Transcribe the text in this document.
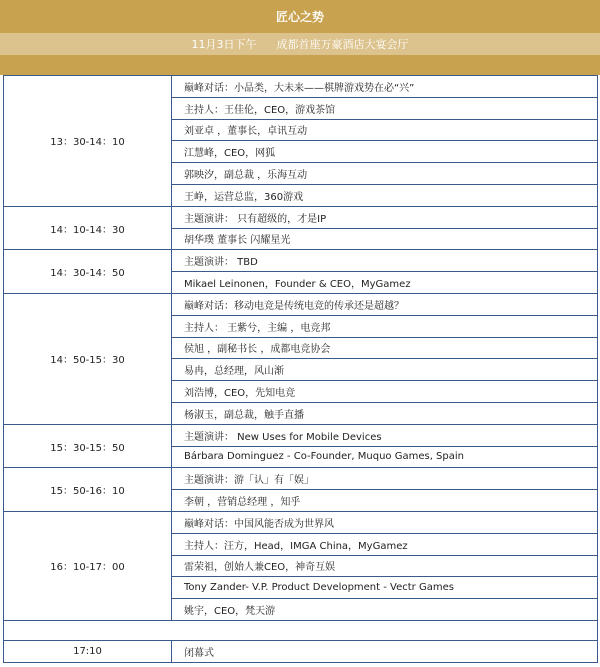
匠心之势
11月3日下午 成都首座万豪酒店大宴会厅
13：30-14：10	巅峰对话：小品类，大未来——棋牌游戏势在必“兴”
	主持人：王佳伦，CEO，游戏茶馆
	刘亚卓 ，董事长，卓讯互动
	江慧峰，CEO，网狐
	郭映汐，副总裁 ，乐海互动
	王峥，运营总监，360游戏
14：10-14：30	主题演讲： 只有超级的，才是IP
	胡华璞 董事长 闪耀星光
14：30-14：50	主题演讲： TBD
	Mikael Leinonen，Founder & CEO，MyGamez
14：50-15：30	巅峰对话：移动电竞是传统电竞的传承还是超越？
	主持人： 王紫兮，主编 ，电竞邦
	侯旭 ，副秘书长 ，成都电竞协会
	易冉，总经理，风山渐
	刘浩博，CEO，先知电竞
	杨淑玉，副总裁，触手直播
15：30-15：50	主题演讲： New Uses for Mobile Devices
	Bárbara Dominguez - Co-Founder, Muquo Games, Spain
15：50-16：10	主题演讲：游「认」有「娱」
	李朝 ，营销总经理 ，知乎
16：10-17：00	巅峰对话：中国风能否成为世界风
	主持人：汪方，Head，IMGA China，MyGamez
	雷荣祖，创始人兼CEO，神奇互娱
	Tony Zander- V.P. Product Development - Vectr Games
	姚宇，CEO，梵天游

17:10	闭幕式
